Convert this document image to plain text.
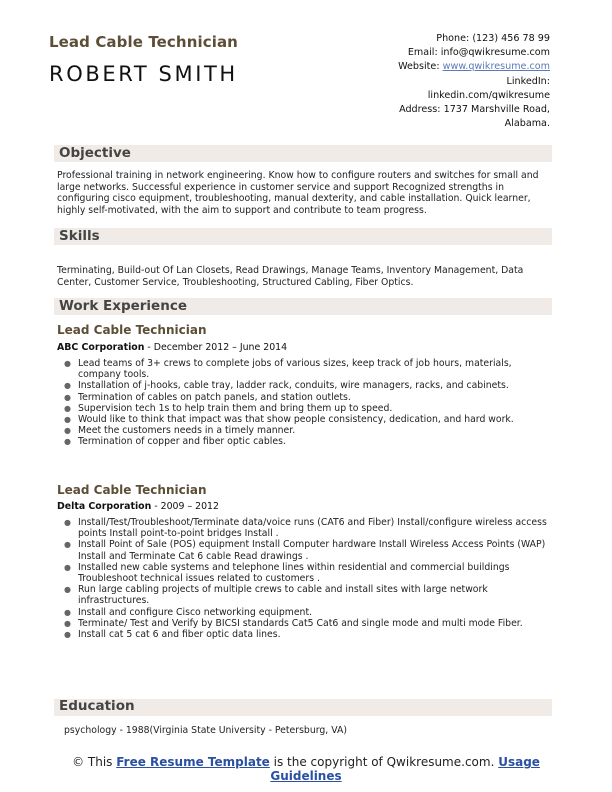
Lead Cable Technician
ROBERT SMITH
Phone: (123) 456 78 99
Email: info@qwikresume.com
Website: www.qwikresume.com
LinkedIn:
linkedin.com/qwikresume
Address: 1737 Marshville Road,
Alabama.
Objective
Professional training in network engineering. Know how to configure routers and switches for small and large networks. Successful experience in customer service and support Recognized strengths in configuring cisco equipment, troubleshooting, manual dexterity, and cable installation. Quick learner, highly self-motivated, with the aim to support and contribute to team progress.
Skills
Terminating, Build-out Of Lan Closets, Read Drawings, Manage Teams, Inventory Management, Data Center, Customer Service, Troubleshooting, Structured Cabling, Fiber Optics.
Work Experience
Lead Cable Technician
ABC Corporation - December 2012 – June 2014
● Lead teams of 3+ crews to complete jobs of various sizes, keep track of job hours, materials, company tools.
● Installation of j-hooks, cable tray, ladder rack, conduits, wire managers, racks, and cabinets.
● Termination of cables on patch panels, and station outlets.
● Supervision tech 1s to help train them and bring them up to speed.
● Would like to think that impact was that show people consistency, dedication, and hard work.
● Meet the customers needs in a timely manner.
● Termination of copper and fiber optic cables.
Lead Cable Technician
Delta Corporation - 2009 – 2012
● Install/Test/Troubleshoot/Terminate data/voice runs (CAT6 and Fiber) Install/configure wireless access points Install point-to-point bridges Install .
● Install Point of Sale (POS) equipment Install Computer hardware Install Wireless Access Points (WAP) Install and Terminate Cat 6 cable Read drawings .
● Installed new cable systems and telephone lines within residential and commercial buildings Troubleshoot technical issues related to customers .
● Run large cabling projects of multiple crews to cable and install sites with large network infrastructures.
● Install and configure Cisco networking equipment.
● Terminate/ Test and Verify by BICSI standards Cat5 Cat6 and single mode and multi mode Fiber.
● Install cat 5 cat 6 and fiber optic data lines.
Education
psychology - 1988(Virginia State University - Petersburg, VA)
© This Free Resume Template is the copyright of Qwikresume.com. Usage
Guidelines
